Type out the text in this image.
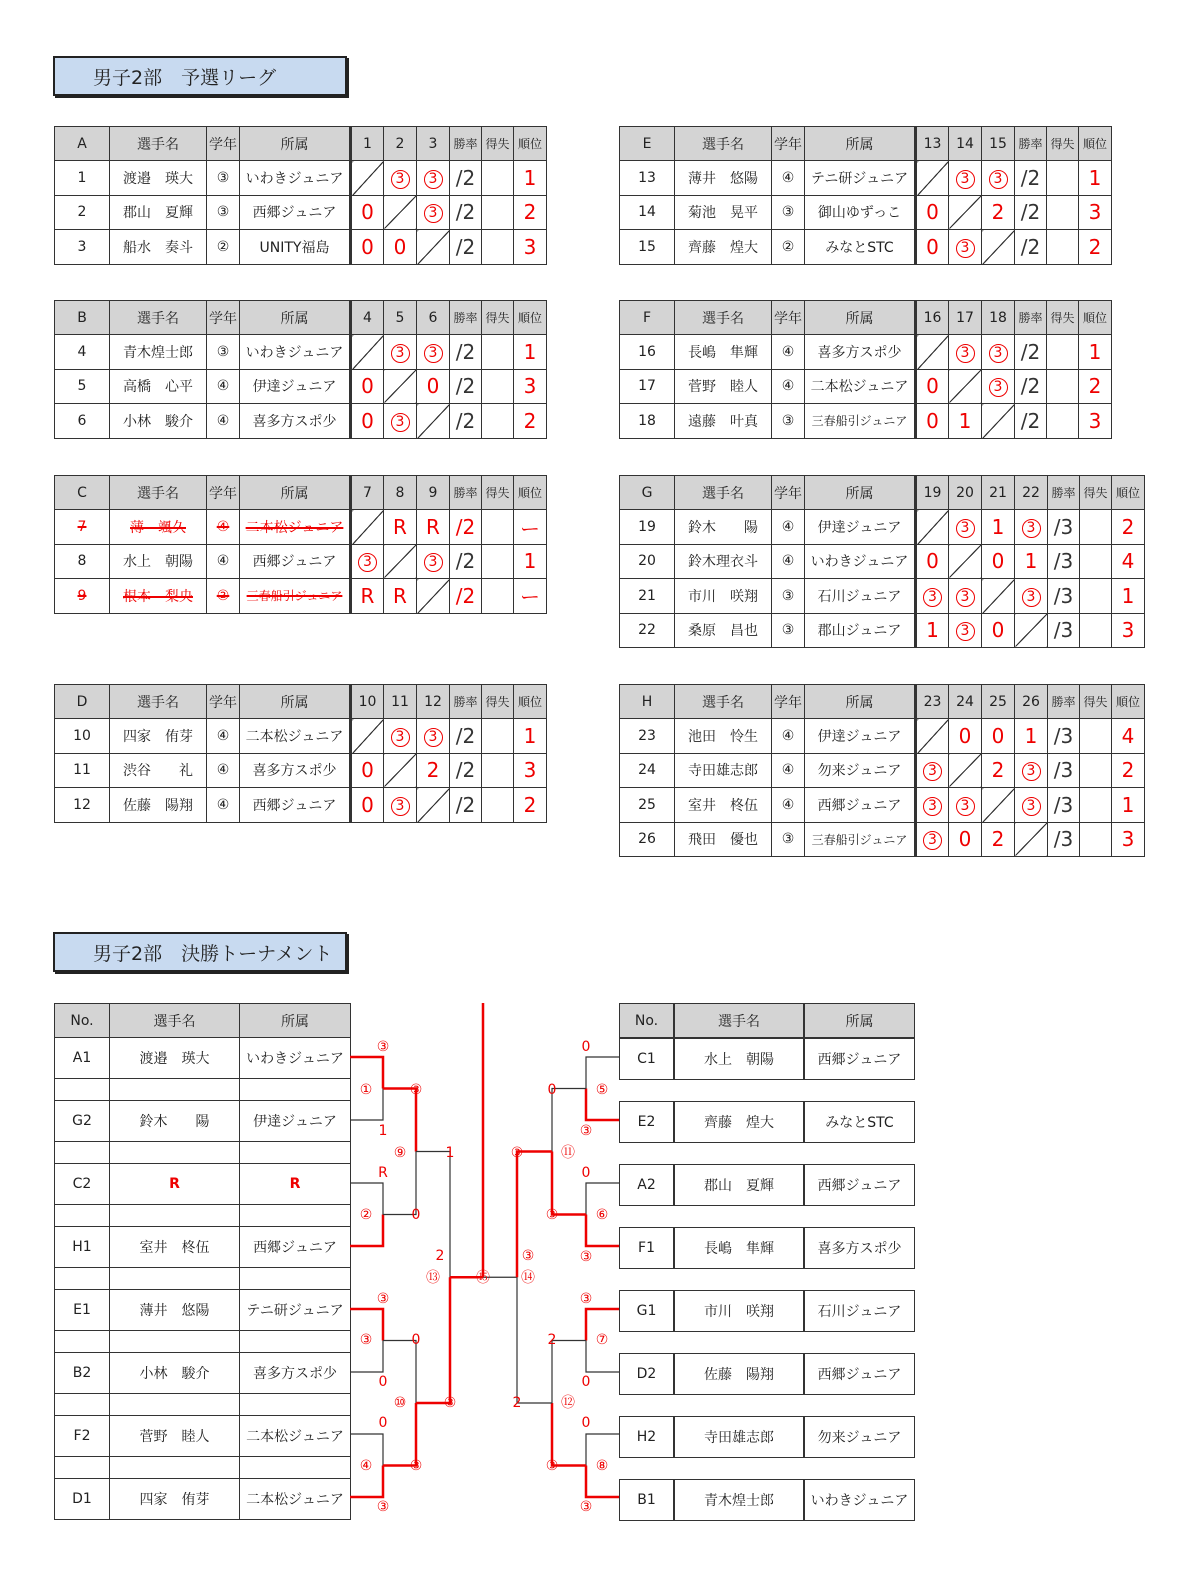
男子2部　予選リーグ
男子2部　決勝トーナメント
A	選手名	学年	所属	1	2	3	勝率	得失	順位
1	渡邉　瑛大	③	いわきジュニア		3	3	/2		1
2	郡山　夏輝	③	西郷ジュニア	0		3	/2		2
3	船水　奏斗	②	UNITY福島	0	0		/2		3
B	選手名	学年	所属	4	5	6	勝率	得失	順位
4	青木煌士郎	③	いわきジュニア		3	3	/2		1
5	高橋　心平	④	伊達ジュニア	0		0	/2		3
6	小林　駿介	④	喜多方スポ少	0	3		/2		2
C	選手名	学年	所属	7	8	9	勝率	得失	順位
7	薄　颯久	④	二本松ジュニア		R	R	/2		ー
8	水上　朝陽	④	西郷ジュニア	3		3	/2		1
9	根本　梨央	②	三春船引ジュニア	R	R		/2		ー
D	選手名	学年	所属	10	11	12	勝率	得失	順位
10	四家　侑芽	④	二本松ジュニア		3	3	/2		1
11	渋谷　　礼	④	喜多方スポ少	0		2	/2		3
12	佐藤　陽翔	④	西郷ジュニア	0	3		/2		2
E	選手名	学年	所属	13	14	15	勝率	得失	順位
13	薄井　悠陽	④	テニ研ジュニア		3	3	/2		1
14	菊池　晃平	③	御山ゆずっこ	0		2	/2		3
15	齊藤　煌大	②	みなとSTC	0	3		/2		2
F	選手名	学年	所属	16	17	18	勝率	得失	順位
16	長嶋　隼輝	④	喜多方スポ少		3	3	/2		1
17	菅野　睦人	④	二本松ジュニア	0		3	/2		2
18	遠藤　叶真	③	三春船引ジュニア	0	1		/2		3
G	選手名	学年	所属	19	20	21	22	勝率	得失	順位
19	鈴木　　陽	④	伊達ジュニア		3	1	3	/3		2
20	鈴木理衣斗	④	いわきジュニア	0		0	1	/3		4
21	市川　咲翔	③	石川ジュニア	3	3		3	/3		1
22	桑原　昌也	③	郡山ジュニア	1	3	0		/3		3
H	選手名	学年	所属	23	24	25	26	勝率	得失	順位
23	池田　怜生	④	伊達ジュニア		0	0	1	/3		4
24	寺田雄志郎	④	勿来ジュニア	3		2	3	/3		2
25	室井　柊伍	④	西郷ジュニア	3	3		3	/3		1
26	飛田　優也	③	三春船引ジュニア	3	0	2		/3		3
No.	選手名	所属
A1	渡邉　瑛大	いわきジュニア

G2	鈴木　　陽	伊達ジュニア

C2	R	R

H1	室井　柊伍	西郷ジュニア

E1	薄井　悠陽	テニ研ジュニア

B2	小林　駿介	喜多方スポ少

F2	菅野　睦人	二本松ジュニア

D1	四家　侑芽	二本松ジュニア
No.	選手名	所属
C1	水上　朝陽	西郷ジュニア

E2	齊藤　煌大	みなとSTC

A2	郡山　夏輝	西郷ジュニア

F1	長嶋　隼輝	喜多方スポ少

G1	市川　咲翔	石川ジュニア

D2	佐藤　陽翔	西郷ジュニア

H2	寺田雄志郎	勿来ジュニア

B1	青木煌士郎	いわきジュニア
③
①
1
R
②
③
③
0
0
④
③
③
⑨
0
0
⑩
③
1
2
⑬
③
⑮
0
⑤
③
0
⑥
③
③
⑦
0
0
⑧
③
0
⑪
③
2
⑫
③
③
③
⑭
2
